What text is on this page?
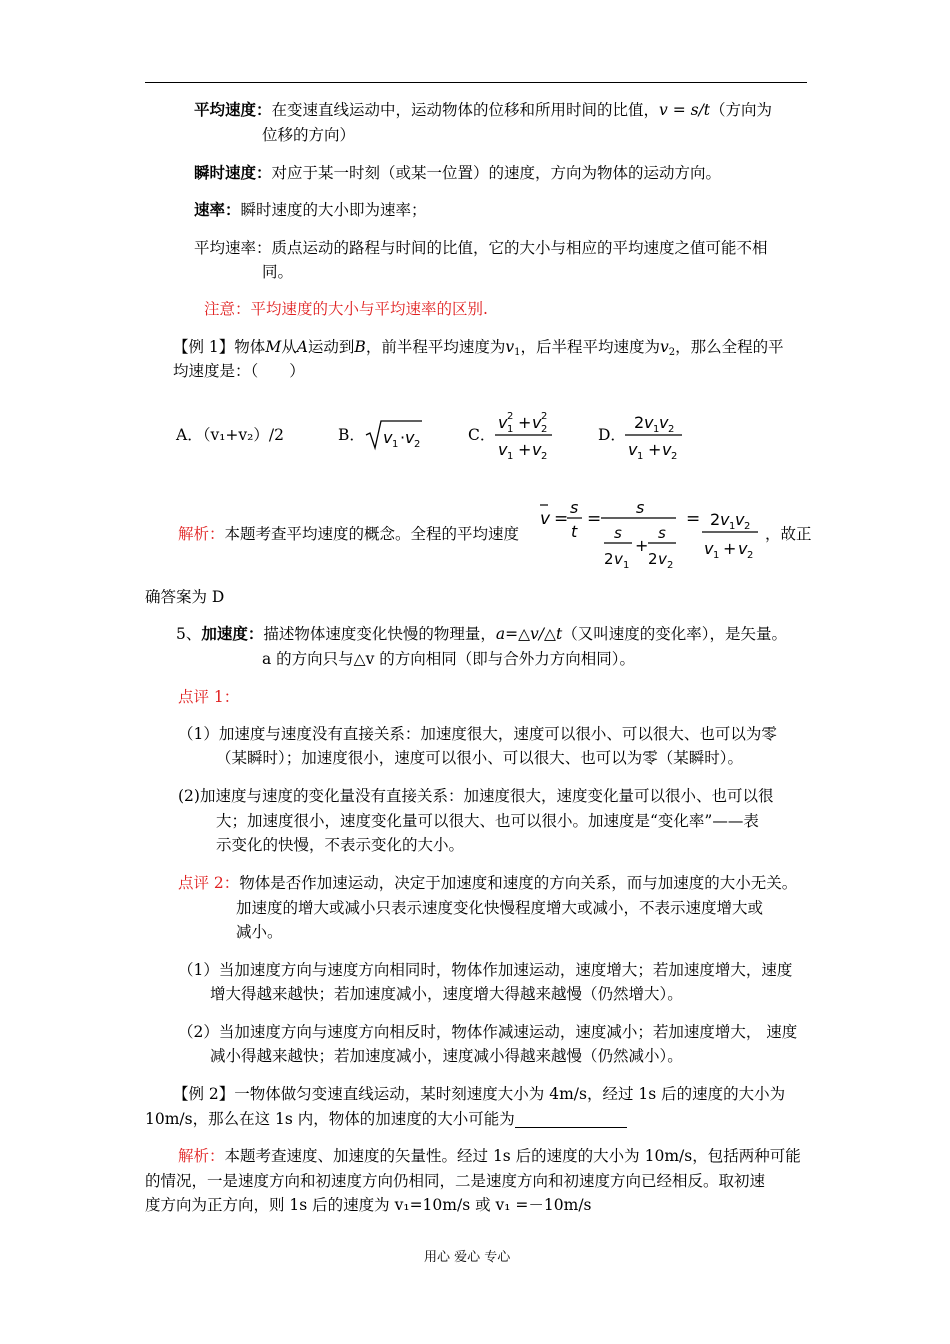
平均速度：在变速直线运动中，运动物体的位移和所用时间的比值，v = s/t（方向为
位移的方向）
瞬时速度：对应于某一时刻（或某一位置）的速度，方向为物体的运动方向。
速率：瞬时速度的大小即为速率；
平均速率：质点运动的路程与时间的比值，它的大小与相应的平均速度之值可能不相
同。
注意：平均速度的大小与平均速率的区别.
【例 1】物体M从A运动到B，前半程平均速度为$v_1$，后半程平均速度为$v_2$，那么全程的平
均速度是：（　　）
A．（v₁+v₂）/2	B． v 1 · v 2
C．
v 2
1 + v 2
2
v 1 + v 2
D．
2 v 1 v 2
v 1 + v 2
解析：本题考查平均速度的概念。全程的平均速度
v =
s
t
=
s
s
2 v 1
+
s
2 v 2
= 2 v 1 v 2
v 1 + v 2
，故正
确答案为 D
5、加速度：描述物体速度变化快慢的物理量，a=△v/△t（又叫速度的变化率），是矢量。
a 的方向只与△v 的方向相同（即与合外力方向相同）。
点评 1：
（1）加速度与速度没有直接关系：加速度很大，速度可以很小、可以很大、也可以为零
（某瞬时）；加速度很小，速度可以很小、可以很大、也可以为零（某瞬时）。
(2)加速度与速度的变化量没有直接关系：加速度很大，速度变化量可以很小、也可以很
大；加速度很小，速度变化量可以很大、也可以很小。加速度是“变化率”——表
示变化的快慢，不表示变化的大小。
点评 2：物体是否作加速运动，决定于加速度和速度的方向关系，而与加速度的大小无关。
加速度的增大或减小只表示速度变化快慢程度增大或减小，不表示速度增大或
减小。
（1）当加速度方向与速度方向相同时，物体作加速运动，速度增大；若加速度增大，速度
增大得越来越快；若加速度减小，速度增大得越来越慢（仍然增大）。
（2）当加速度方向与速度方向相反时，物体作减速运动，速度减小；若加速度增大， 速度
减小得越来越快；若加速度减小，速度减小得越来越慢（仍然减小）。
【例 2】一物体做匀变速直线运动，某时刻速度大小为 4m/s，经过 1s 后的速度的大小为
10m/s，那么在这 1s 内，物体的加速度的大小可能为
解析：本题考查速度、加速度的矢量性。经过 1s 后的速度的大小为 10m/s，包括两种可能
的情况，一是速度方向和初速度方向仍相同，二是速度方向和初速度方向已经相反。取初速
度方向为正方向，则 1s 后的速度为 v₁=10m/s 或 v₁ =－10m/s
用心 爱心 专心
